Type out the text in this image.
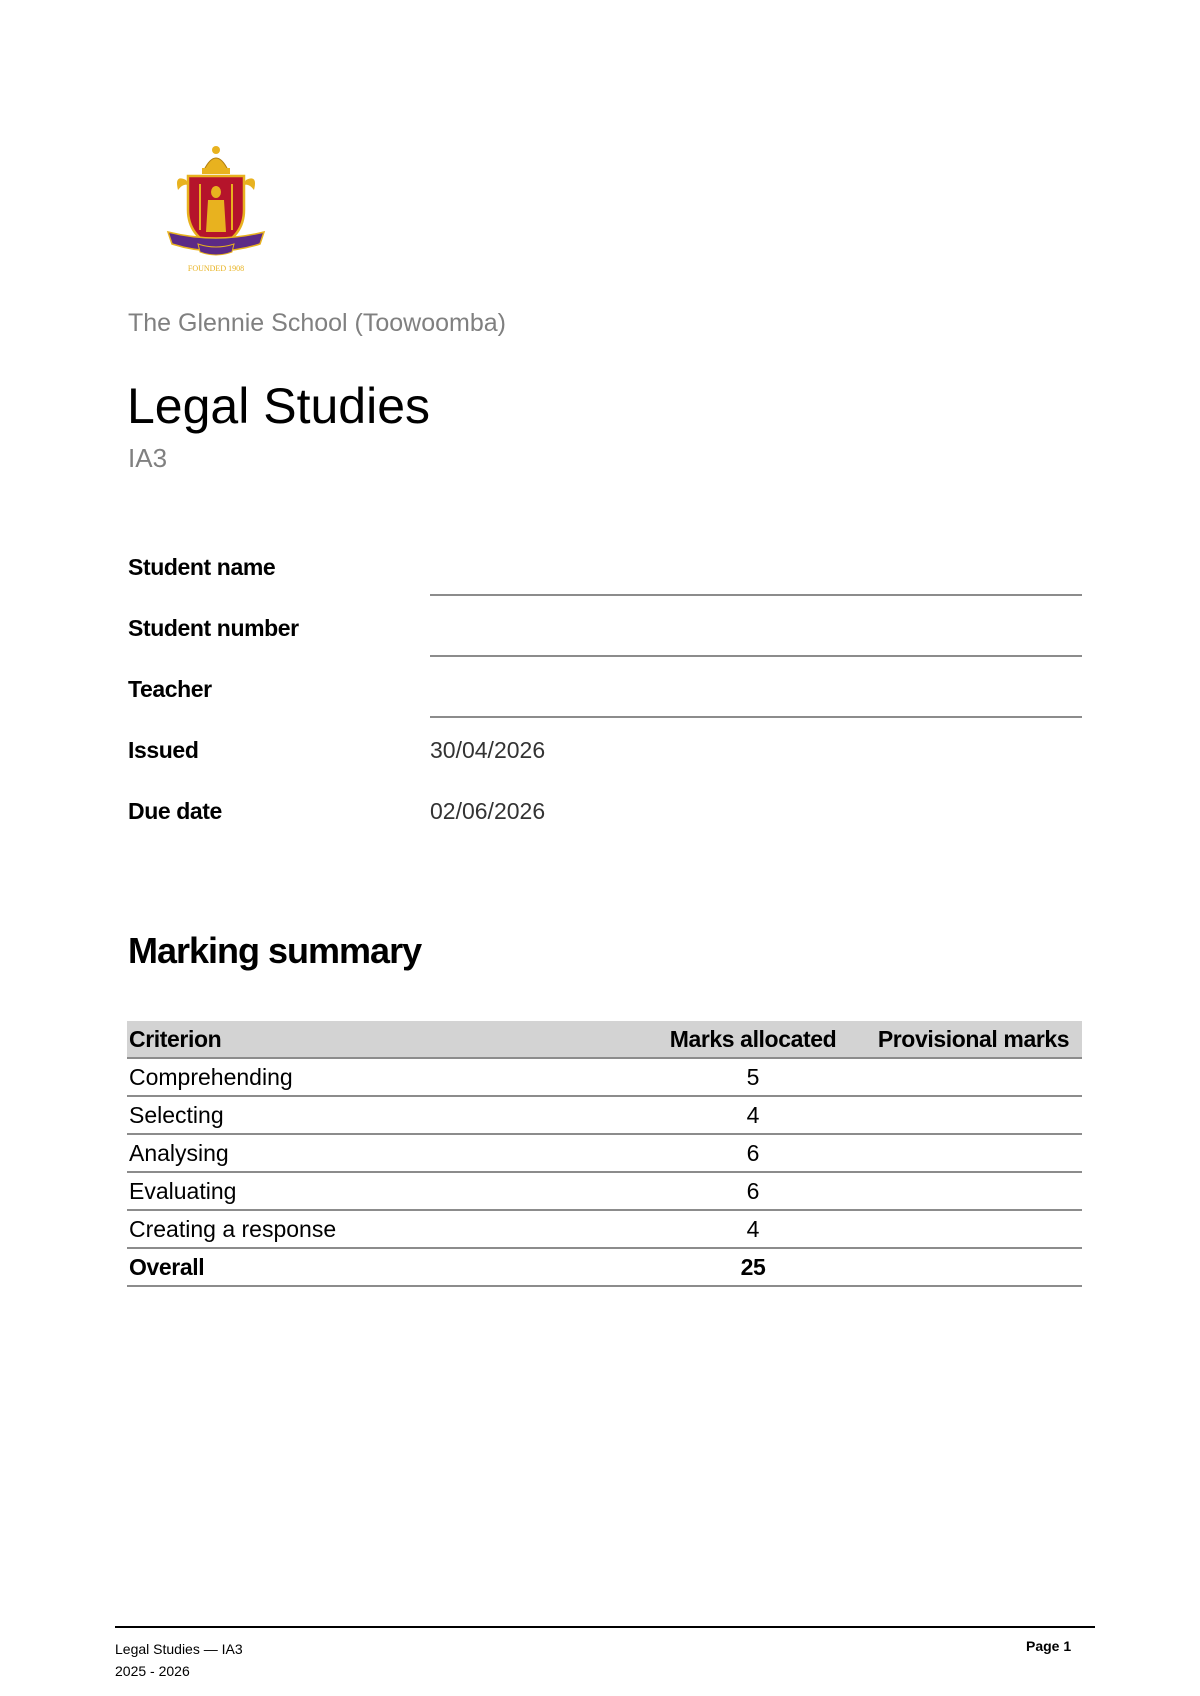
FOUNDED 1908
The Glennie School (Toowoomba)
Legal Studies
IA3
Student name
Student number
Teacher
Issued	30/04/2026
Due date	02/06/2026
Marking summary
Criterion	Marks allocated	Provisional marks
Comprehending	5	
Selecting	4	
Analysing	6	
Evaluating	6	
Creating a response	4	
Overall	25	
Legal Studies — IA3
2025 - 2026
Page 1
